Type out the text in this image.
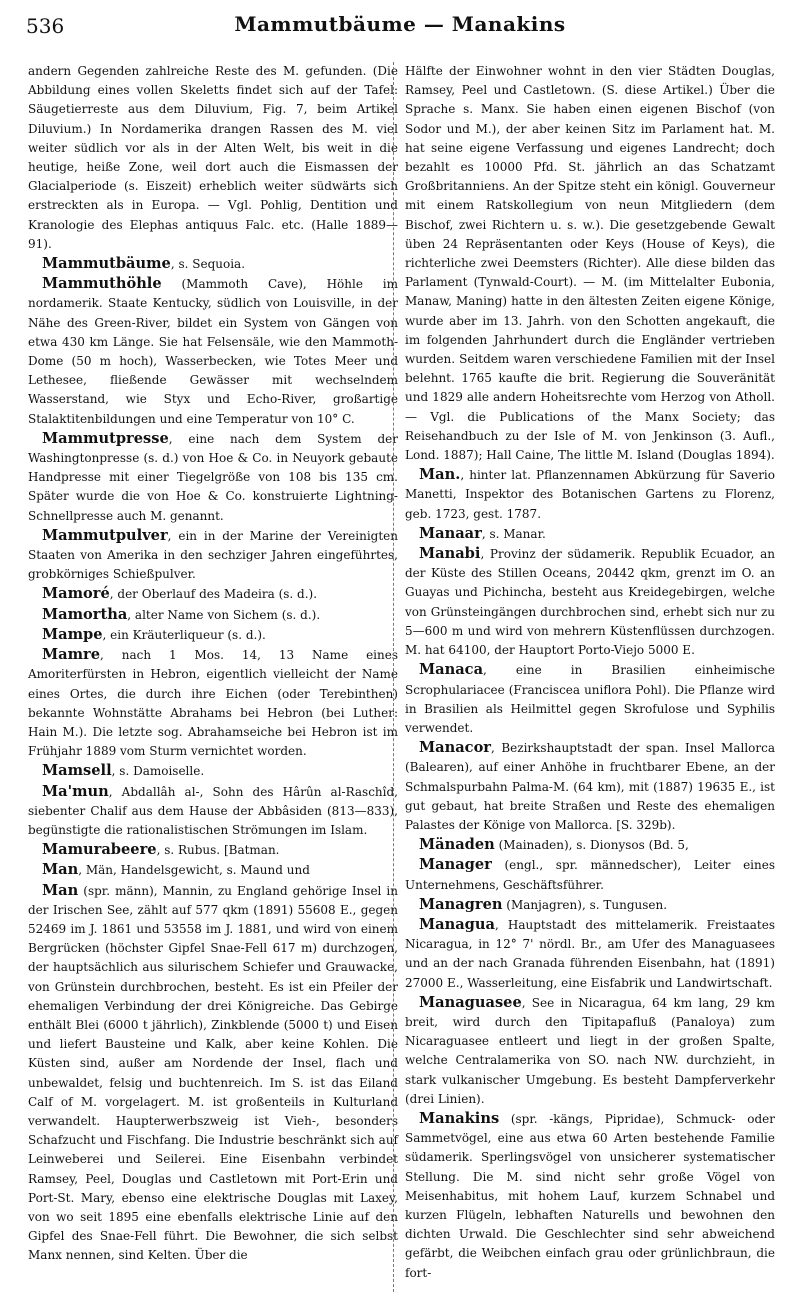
536	Mammutbäume — Manakins

andern Gegenden zahlreiche Reste des M. gefunden. (Die Abbildung eines vollen Skeletts findet sich auf der Tafel: Säugetierreste aus dem Diluvium, Fig. 7, beim Artikel Diluvium.) In Nordamerika drangen Rassen des M. viel weiter südlich vor als in der Alten Welt, bis weit in die heutige, heiße Zone, weil dort auch die Eismassen der Glacialperiode (s. Eiszeit) erheblich weiter südwärts sich erstreckten als in Europa. — Vgl. Pohlig, Dentition und Kranologie des Elephas antiquus Falc. etc. (Halle 1889—91).

Mammutbäume, s. Sequoia.

Mammuthöhle (Mammoth Cave), Höhle im nordamerik. Staate Kentucky, südlich von Louisville, in der Nähe des Green-River, bildet ein System von Gängen von etwa 430 km Länge. Sie hat Felsensäle, wie den Mammoth-Dome (50 m hoch), Wasserbecken, wie Totes Meer und Lethesee, fließende Gewässer mit wechselndem Wasserstand, wie Styx und Echo-River, großartige Stalaktitenbildungen und eine Temperatur von 10° C.

Mammutpresse, eine nach dem System der Washingtonpresse (s. d.) von Hoe & Co. in Neuyork gebaute Handpresse mit einer Tiegelgröße von 108 bis 135 cm. Später wurde die von Hoe & Co. konstruierte Lightning-Schnellpresse auch M. genannt.

Mammutpulver, ein in der Marine der Vereinigten Staaten von Amerika in den sechziger Jahren eingeführtes, grobkörniges Schießpulver.

Mamoré, der Oberlauf des Madeira (s. d.).

Mamortha, alter Name von Sichem (s. d.).

Mampe, ein Kräuterliqueur (s. d.).

Mamre, nach 1 Mos. 14, 13 Name eines Amoriterfürsten in Hebron, eigentlich vielleicht der Name eines Ortes, die durch ihre Eichen (oder Terebinthen) bekannte Wohnstätte Abrahams bei Hebron (bei Luther: Hain M.). Die letzte sog. Abrahamseiche bei Hebron ist im Frühjahr 1889 vom Sturm vernichtet worden.

Mamsell, s. Damoiselle.

Ma'mun, Abdallâh al-, Sohn des Hârûn al-Raschîd, siebenter Chalif aus dem Hause der Abbâsiden (813—833), begünstigte die rationalistischen Strömungen im Islam.

Mamurabeere, s. Rubus. [Batman.

Man, Män, Handelsgewicht, s. Maund und

Man (spr. männ), Mannin, zu England gehörige Insel in der Irischen See, zählt auf 577 qkm (1891) 55608 E., gegen 52469 im J. 1861 und 53558 im J. 1881, und wird von einem Bergrücken (höchster Gipfel Snae-Fell 617 m) durchzogen, der hauptsächlich aus silurischem Schiefer und Grauwacke, von Grünstein durchbrochen, besteht. Es ist ein Pfeiler der ehemaligen Verbindung der drei Königreiche. Das Gebirge enthält Blei (6000 t jährlich), Zinkblende (5000 t) und Eisen und liefert Bausteine und Kalk, aber keine Kohlen. Die Küsten sind, außer am Nordende der Insel, flach und unbewaldet, felsig und buchtenreich. Im S. ist das Eiland Calf of M. vorgelagert. M. ist großenteils in Kulturland verwandelt. Haupterwerbszweig ist Vieh-, besonders Schafzucht und Fischfang. Die Industrie beschränkt sich auf Leinweberei und Seilerei. Eine Eisenbahn verbindet Ramsey, Peel, Douglas und Castletown mit Port-Erin und Port-St. Mary, ebenso eine elektrische Douglas mit Laxey, von wo seit 1895 eine ebenfalls elektrische Linie auf den Gipfel des Snae-Fell führt. Die Bewohner, die sich selbst Manx nennen, sind Kelten. Über die

Hälfte der Einwohner wohnt in den vier Städten Douglas, Ramsey, Peel und Castletown. (S. diese Artikel.) Über die Sprache s. Manx. Sie haben einen eigenen Bischof (von Sodor und M.), der aber keinen Sitz im Parlament hat. M. hat seine eigene Verfassung und eigenes Landrecht; doch bezahlt es 10000 Pfd. St. jährlich an das Schatzamt Großbritanniens. An der Spitze steht ein königl. Gouverneur mit einem Ratskollegium von neun Mitgliedern (dem Bischof, zwei Richtern u. s. w.). Die gesetzgebende Gewalt üben 24 Repräsentanten oder Keys (House of Keys), die richterliche zwei Deemsters (Richter). Alle diese bilden das Parlament (Tynwald-Court). — M. (im Mittelalter Eubonia, Manaw, Maning) hatte in den ältesten Zeiten eigene Könige, wurde aber im 13. Jahrh. von den Schotten angekauft, die im folgenden Jahrhundert durch die Engländer vertrieben wurden. Seitdem waren verschiedene Familien mit der Insel belehnt. 1765 kaufte die brit. Regierung die Souveränität und 1829 alle andern Hoheitsrechte vom Herzog von Atholl. — Vgl. die Publications of the Manx Society; das Reisehandbuch zu der Isle of M. von Jenkinson (3. Aufl., Lond. 1887); Hall Caine, The little M. Island (Douglas 1894).

Man., hinter lat. Pflanzennamen Abkürzung für Saverio Manetti, Inspektor des Botanischen Gartens zu Florenz, geb. 1723, gest. 1787.

Manaar, s. Manar.

Manabi, Provinz der südamerik. Republik Ecuador, an der Küste des Stillen Oceans, 20442 qkm, grenzt im O. an Guayas und Pichincha, besteht aus Kreidegebirgen, welche von Grünsteingängen durchbrochen sind, erhebt sich nur zu 5—600 m und wird von mehrern Küstenflüssen durchzogen. M. hat 64100, der Hauptort Porto-Viejo 5000 E.

Manaca, eine in Brasilien einheimische Scrophulariacee (Franciscea uniflora Pohl). Die Pflanze wird in Brasilien als Heilmittel gegen Skrofulose und Syphilis verwendet.

Manacor, Bezirkshauptstadt der span. Insel Mallorca (Balearen), auf einer Anhöhe in fruchtbarer Ebene, an der Schmalspurbahn Palma-M. (64 km), mit (1887) 19635 E., ist gut gebaut, hat breite Straßen und Reste des ehemaligen Palastes der Könige von Mallorca. [S. 329b).

Mänaden (Mainaden), s. Dionysos (Bd. 5,

Manager (engl., spr. männedscher), Leiter eines Unternehmens, Geschäftsführer.

Managren (Manjagren), s. Tungusen.

Managua, Hauptstadt des mittelamerik. Freistaates Nicaragua, in 12° 7' nördl. Br., am Ufer des Managuasees und an der nach Granada führenden Eisenbahn, hat (1891) 27000 E., Wasserleitung, eine Eisfabrik und Landwirtschaft.

Managuasee, See in Nicaragua, 64 km lang, 29 km breit, wird durch den Tipitapafluß (Panaloya) zum Nicaraguasee entleert und liegt in der großen Spalte, welche Centralamerika von SO. nach NW. durchzieht, in stark vulkanischer Umgebung. Es besteht Dampferverkehr (drei Linien).

Manakins (spr. -kängs, Pipridae), Schmuck- oder Sammetvögel, eine aus etwa 60 Arten bestehende Familie südamerik. Sperlingsvögel von unsicherer systematischer Stellung. Die M. sind nicht sehr große Vögel von Meisenhabitus, mit hohem Lauf, kurzem Schnabel und kurzen Flügeln, lebhaften Naturells und bewohnen den dichten Urwald. Die Geschlechter sind sehr abweichend gefärbt, die Weibchen einfach grau oder grünlichbraun, die fort-
